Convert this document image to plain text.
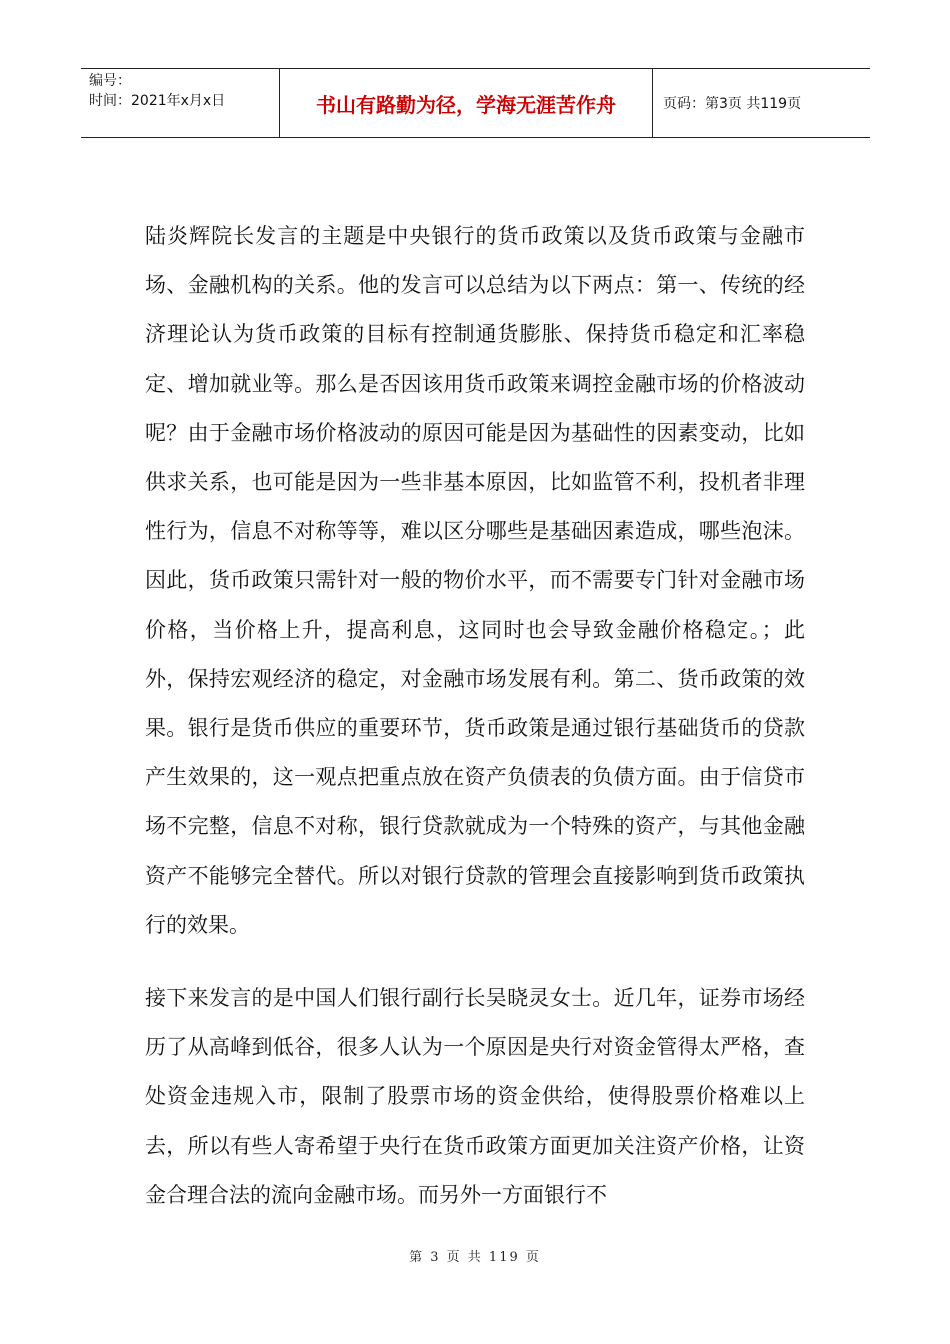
编号：
时间：2021年x月x日	书山有路勤为径，学海无涯苦作舟	页码：第3页 共119页

陆炎辉院长发言的主题是中央银行的货币政策以及货币政策与金融市场、金融机构的关系。他的发言可以总结为以下两点：第一、传统的经济理论认为货币政策的目标有控制通货膨胀、保持货币稳定和汇率稳定、增加就业等。那么是否因该用货币政策来调控金融市场的价格波动呢？由于金融市场价格波动的原因可能是因为基础性的因素变动，比如供求关系，也可能是因为一些非基本原因，比如监管不利，投机者非理性行为，信息不对称等等，难以区分哪些是基础因素造成，哪些泡沫。因此，货币政策只需针对一般的物价水平，而不需要专门针对金融市场价格，当价格上升，提高利息，这同时也会导致金融价格稳定。；此外，保持宏观经济的稳定，对金融市场发展有利。第二、货币政策的效果。银行是货币供应的重要环节，货币政策是通过银行基础货币的贷款产生效果的，这一观点把重点放在资产负债表的负债方面。由于信贷市场不完整，信息不对称，银行贷款就成为一个特殊的资产，与其他金融资产不能够完全替代。所以对银行贷款的管理会直接影响到货币政策执行的效果。

接下来发言的是中国人们银行副行长吴晓灵女士。近几年，证券市场经历了从高峰到低谷，很多人认为一个原因是央行对资金管得太严格，查处资金违规入市，限制了股票市场的资金供给，使得股票价格难以上去，所以有些人寄希望于央行在货币政策方面更加关注资产价格，让资金合理合法的流向金融市场。而另外一方面银行不

第 3 页 共 119 页
